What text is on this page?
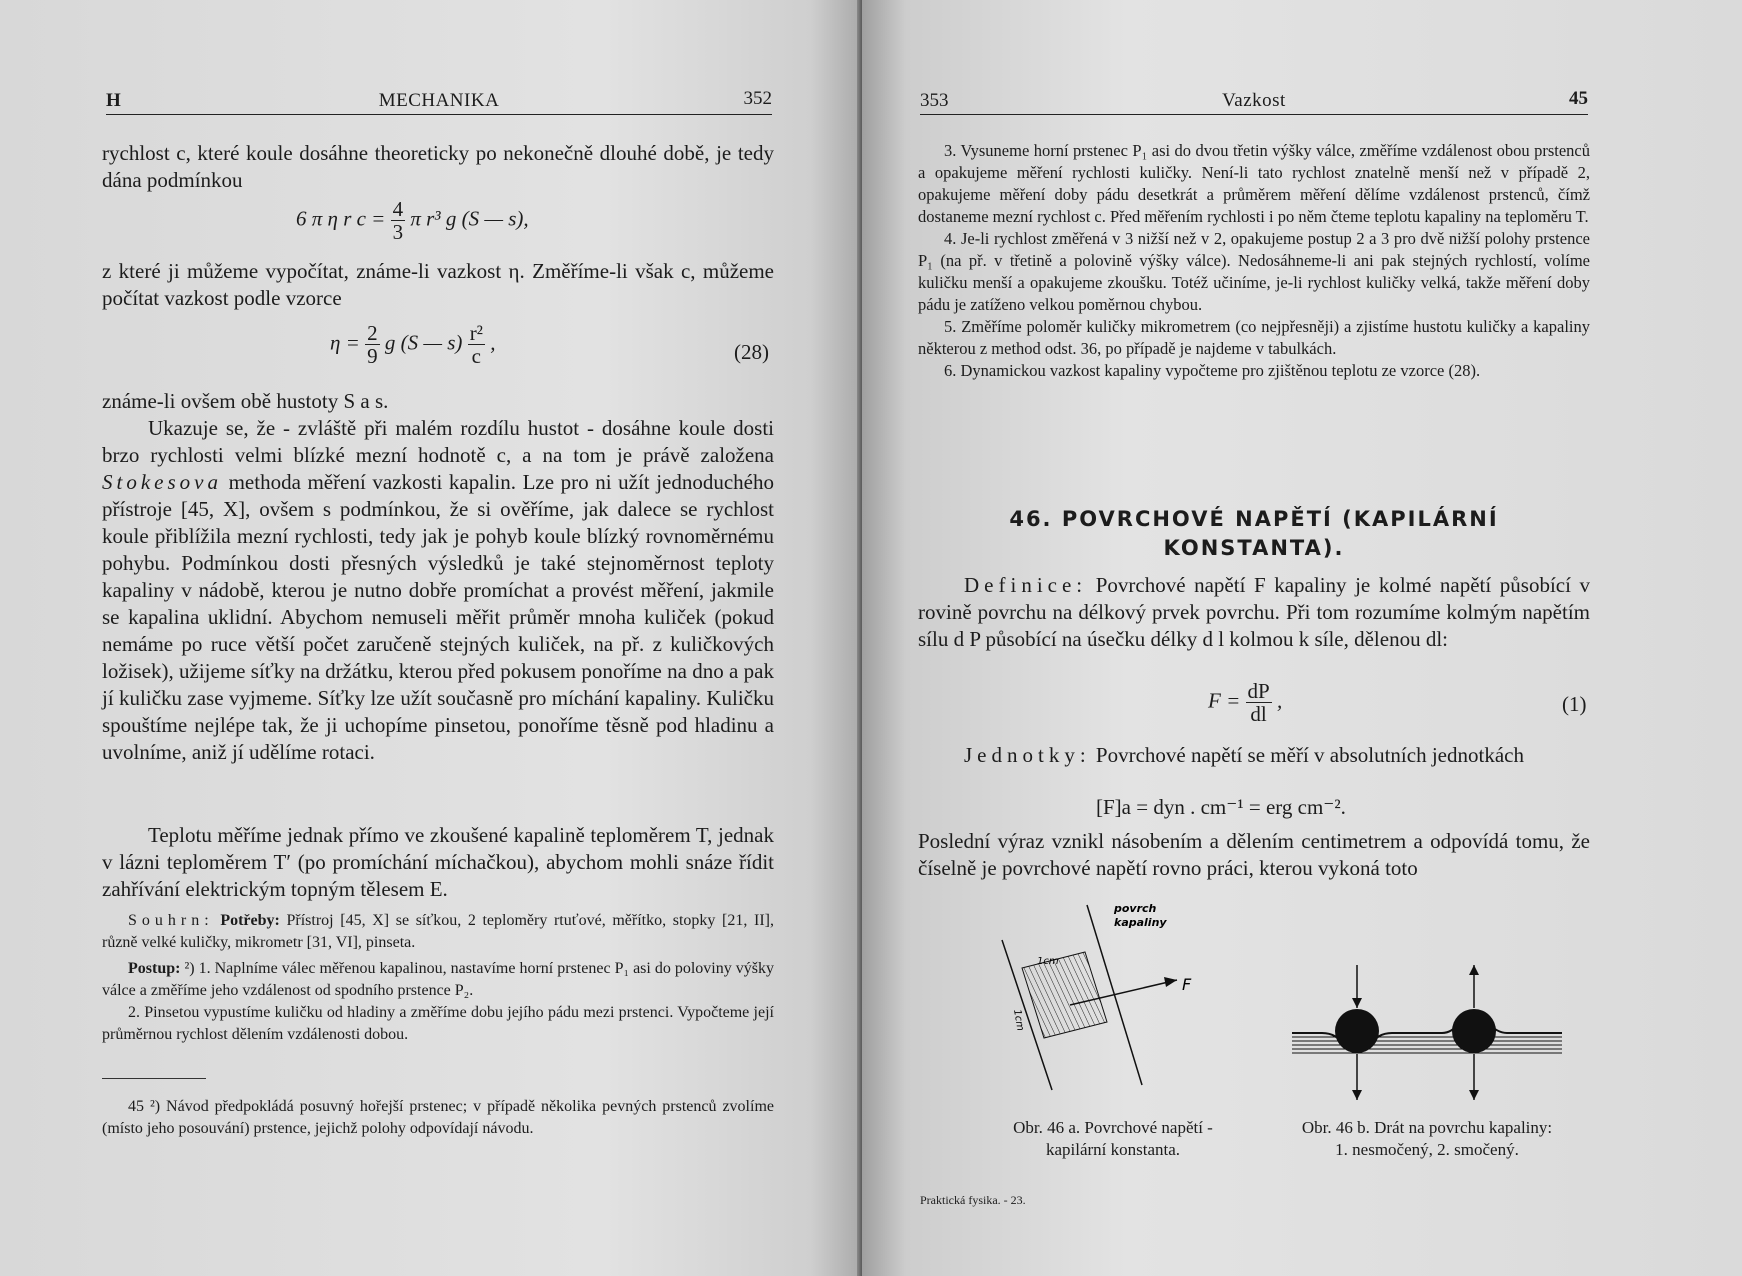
H	MECHANIKA	352

rychlost c, které koule dosáhne theoreticky po nekonečně dlouhé době, je tedy dána podmínkou

6 π η r $c = \frac{4}{3}$ π r³ g (S — s),

z které ji můžeme vypočítat, známe-li vazkost η. Změříme-li však c, můžeme počítat vazkost podle vzorce

$\eta = \frac{2}{9}$ g (S — $s) \frac{\text{r²}}{c}$ ,	(28)

známe-li ovšem obě hustoty S a s.

Ukazuje se, že - zvláště při malém rozdílu hustot - dosáhne koule dosti brzo rychlosti velmi blízké mezní hodnotě c, a na tom je právě založena Stokesova methoda měření vazkosti kapalin. Lze pro ni užít jednoduchého přístroje [45, X], ovšem s podmínkou, že si ověříme, jak dalece se rychlost koule přiblížila mezní rychlosti, tedy jak je pohyb koule blízký rovnoměrnému pohybu. Podmínkou dosti přesných výsledků je také stejnoměrnost teploty kapaliny v nádobě, kterou je nutno dobře promíchat a provést měření, jakmile se kapalina uklidní. Abychom nemuseli měřit průměr mnoha kuliček (pokud nemáme po ruce větší počet zaručeně stejných kuliček, na př. z kuličkových ložisek), užijeme síťky na držátku, kterou před pokusem ponoříme na dno a pak jí kuličku zase vyjmeme. Síťky lze užít současně pro míchání kapaliny. Kuličku spouštíme nejlépe tak, že ji uchopíme pinsetou, ponoříme těsně pod hladinu a uvolníme, aniž jí udělíme rotaci.

Teplotu měříme jednak přímo ve zkoušené kapalině teploměrem T, jednak v lázni teploměrem T′ (po promíchání míchačkou), abychom mohli snáze řídit zahřívání elektrickým topným tělesem E.

Souhrn: Potřeby: Přístroj [45, X] se síťkou, 2 teploměry rtuťové, měřítko, stopky [21, II], různě velké kuličky, mikrometr [31, VI], pinseta.

Postup: ²) 1. Naplníme válec měřenou kapalinou, nastavíme horní prstenec P₁ asi do poloviny výšky válce a změříme jeho vzdálenost od spodního prstence P₂.

2. Pinsetou vypustíme kuličku od hladiny a změříme dobu jejího pádu mezi prstenci. Vypočteme její průměrnou rychlost dělením vzdálenosti dobou.

45 ²) Návod předpokládá posuvný hořejší prstenec; v případě několika pevných prstenců zvolíme (místo jeho posouvání) prstence, jejichž polohy odpovídají návodu.

353	Vazkost	45

3. Vysuneme horní prstenec P₁ asi do dvou třetin výšky válce, změříme vzdálenost obou prstenců a opakujeme měření rychlosti kuličky. Není-li tato rychlost znatelně menší než v případě 2, opakujeme měření doby pádu desetkrát a průměrem měření dělíme vzdálenost prstenců, čímž dostaneme mezní rychlost c. Před měřením rychlosti i po něm čteme teplotu kapaliny na teploměru T.

4. Je-li rychlost změřená v 3 nižší než v 2, opakujeme postup 2 a 3 pro dvě nižší polohy prstence P₁ (na př. v třetině a polovině výšky válce). Nedosáhneme-li ani pak stejných rychlostí, volíme kuličku menší a opakujeme zkoušku. Totéž učiníme, je-li rychlost kuličky velká, takže měření doby pádu je zatíženo velkou poměrnou chybou.

5. Změříme poloměr kuličky mikrometrem (co nejpřesněji) a zjistíme hustotu kuličky a kapaliny některou z method odst. 36, po případě je najdeme v tabulkách.

6. Dynamickou vazkost kapaliny vypočteme pro zjištěnou teplotu ze vzorce (28).

46. POVRCHOVÉ NAPĚTÍ (KAPILÁRNÍ
KONSTANTA).

Definice: Povrchové napětí F kapaliny je kolmé napětí působící v rovině povrchu na délkový prvek povrchu. Při tom rozumíme kolmým napětím sílu d P působící na úsečku délky d l kolmou k síle, dělenou dl:

$F = \frac{dP}{dl}$ ,	(1)

Jednotky: Povrchové napětí se měří v absolutních jednotkách

[F]a = dyn . cm⁻¹ = erg cm⁻².

Poslední výraz vznikl násobením a dělením centimetrem a odpovídá tomu, že číselně je povrchové napětí rovno práci, kterou vykoná toto

1cm
1cm
F
povrch
kapaliny
Obr. 46 a. Povrchové napětí -
kapilární konstanta.
Obr. 46 b. Drát na povrchu kapaliny:
1. nesmočený, 2. smočený.
Praktická fysika. - 23.
